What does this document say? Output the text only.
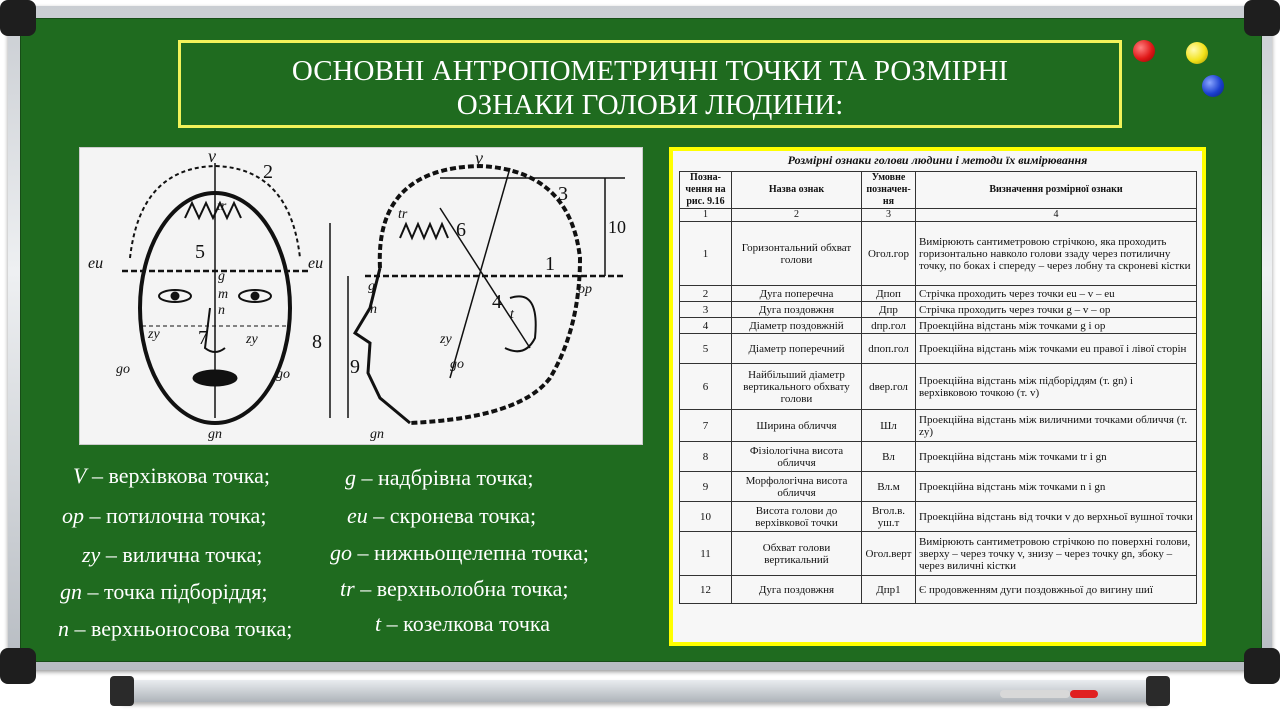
ОСНОВНІ АНТРОПОМЕТРИЧНІ ТОЧКИ ТА РОЗМІРНІ
ОЗНАКИ ГОЛОВИ ЛЮДИНИ:
v
2
tr
5
eu	eu
g
m
n
zy	zy
7
go	go
gn
v
3
10
6
tr
1
op
g
4
n	t
zy
8
9	go
gn
V – верхівкова точка;	g – надбрівна точка;
op – потилочна точка;	eu – скронева точка;
zy – вилична точка;	go – нижньощелепна точка;
gn – точка підборіддя;	tr – верхньолобна точка;
n – верхньоносова точка;	t – козелкова точка
Розмірні ознаки голови людини і методи їх вимірювання
Позна-чення на рис. 9.16	Назва ознак	Умовне позначен-ня	Визначення розмірної ознаки
1	2	3	4
1	Горизонтальний обхват голови	Огол.гор	Вимірюють сантиметровою стрічкою, яка проходить горизонтально навколо голови ззаду через потиличну точку, по боках і спереду – через лобну та скроневі кістки
2	Дуга поперечна	Дпоп	Стрічка проходить через точки eu – v – eu
3	Дуга поздовжня	Дпр	Стрічка проходить через точки g – v – op
4	Діаметр поздовжній	dпр.гол	Проекційна відстань між точками g і op
5	Діаметр поперечний	dпоп.гол	Проекційна відстань між точками eu правої і лівої сторін
6	Найбільший діаметр вертикального обхвату голови	dвер.гол	Проекційна відстань між підборіддям (т. gn) і верхівковою точкою (т. v)
7	Ширина обличчя	Шл	Проекційна відстань між виличними точками обличчя (т. zy)
8	Фізіологічна висота обличчя	Вл	Проекційна відстань між точками tr і gn
9	Морфологічна висота обличчя	Вл.м	Проекційна відстань між точками n і gn
10	Висота голови до верхівкової точки	Вгол.в. уш.т	Проекційна відстань від точки v до верхньої вушної точки
11	Обхват голови вертикальний	Огол.верт	Вимірюють сантиметровою стрічкою по поверхні голови, зверху – через точку v, знизу – через точку gn, збоку – через виличні кістки
12	Дуга поздовжня	Дпр1	Є продовженням дуги поздовжньої до вигину шиї
